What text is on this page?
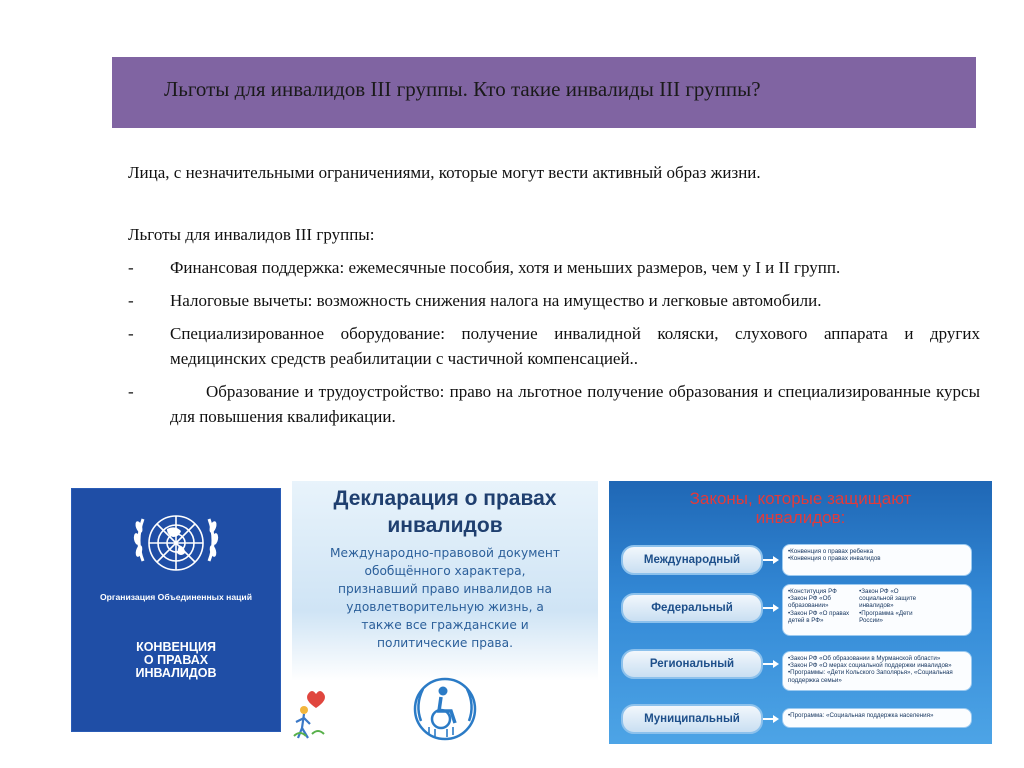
Льготы для инвалидов III группы. Кто такие инвалиды III группы?

Лица, с незначительными ограничениями, которые могут вести активный образ жизни.

Льготы для инвалидов III группы:

-	Финансовая поддержка: ежемесячные пособия, хотя и меньших размеров, чем у I и II групп.
-	Налоговые вычеты: возможность снижения налога на имущество и легковые автомобили.
-	Специализированное оборудование: получение инвалидной коляски, слухового аппарата и других медицинских средств реабилитации с частичной компенсацией..
-	Образование и трудоустройство: право на льготное получение образования и специализированные курсы для повышения квалификации.
Организация Объединенных наций
КОНВЕНЦИЯ
О ПРАВАХ
ИНВАЛИДОВ
Декларация о правах
инвалидов
Международно-правовой документ
обобщённого характера,
признавший право инвалидов на
удовлетворительную жизнь, а
также все гражданские и
политические права.
Законы, которые защищают
инвалидов:
Международный
•Конвенция о правах ребенка
•Конвенция о правах инвалидов
Федеральный
•Конституция РФ
•Закон РФ «Об
образовании»
•Закон РФ «О правах
детей в РФ»
•Закон РФ «О
социальной защите
инвалидов»
•Программа «Дети
России»
Региональный	•Закон РФ «Об образовании в Мурманской области»
•Закон РФ «О мерах социальной поддержки инвалидов»
•Программы: «Дети Кольского Заполярья», «Социальная
поддержка семьи»
Муниципальный	•Программа: «Социальная поддержка населения»
